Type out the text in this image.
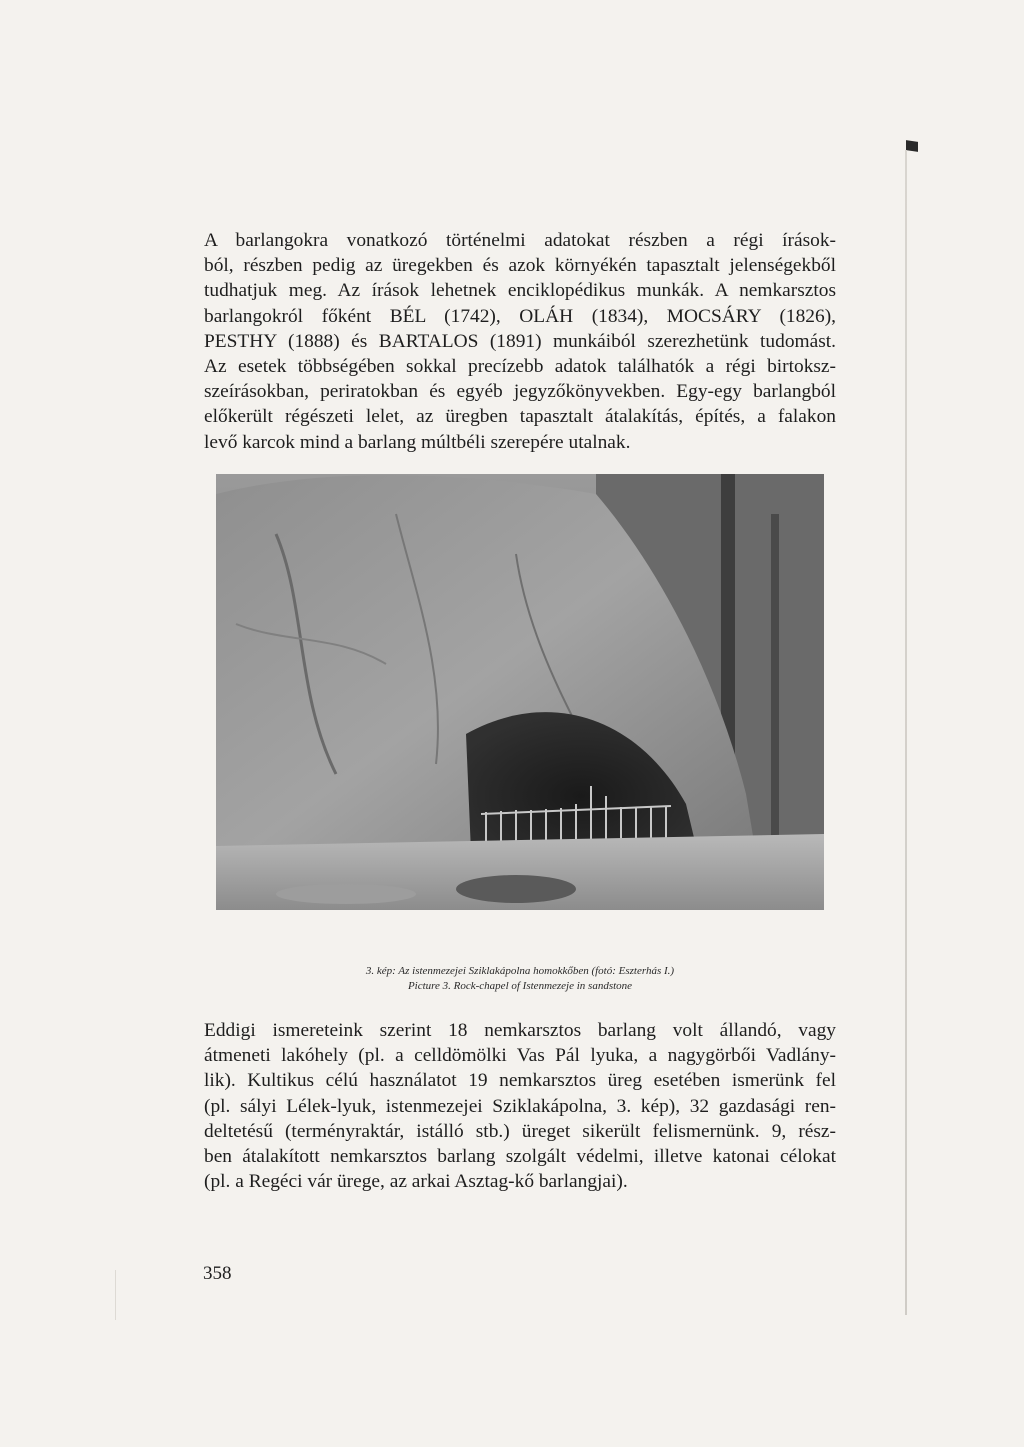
A barlangokra vonatkozó történelmi adatokat részben a régi írások-
ból, részben pedig az üregekben és azok környékén tapasztalt jelenségekből
tudhatjuk meg. Az írások lehetnek enciklopédikus munkák. A nemkarsztos
barlangokról főként BÉL (1742), OLÁH (1834), MOCSÁRY (1826),
PESTHY (1888) és BARTALOS (1891) munkáiból szerezhetünk tudomást.
Az esetek többségében sokkal precízebb adatok találhatók a régi birtoksz-
szeírásokban, periratokban és egyéb jegyzőkönyvekben. Egy-egy barlangból
előkerült régészeti lelet, az üregben tapasztalt átalakítás, építés, a falakon
levő karcok mind a barlang múltbéli szerepére utalnak.
3. kép: Az istenmezejei Sziklakápolna homokkőben (fotó: Eszterhás I.)
Picture 3. Rock-chapel of Istenmezeje in sandstone
Eddigi ismereteink szerint 18 nemkarsztos barlang volt állandó, vagy
átmeneti lakóhely (pl. a celldömölki Vas Pál lyuka, a nagygörbői Vadlány-
lik). Kultikus célú használatot 19 nemkarsztos üreg esetében ismerünk fel
(pl. sályi Lélek-lyuk, istenmezejei Sziklakápolna, 3. kép), 32 gazdasági ren-
deltetésű (terményraktár, istálló stb.) üreget sikerült felismernünk. 9, rész-
ben átalakított nemkarsztos barlang szolgált védelmi, illetve katonai célokat
(pl. a Regéci vár ürege, az arkai Asztag-kő barlangjai).
358
